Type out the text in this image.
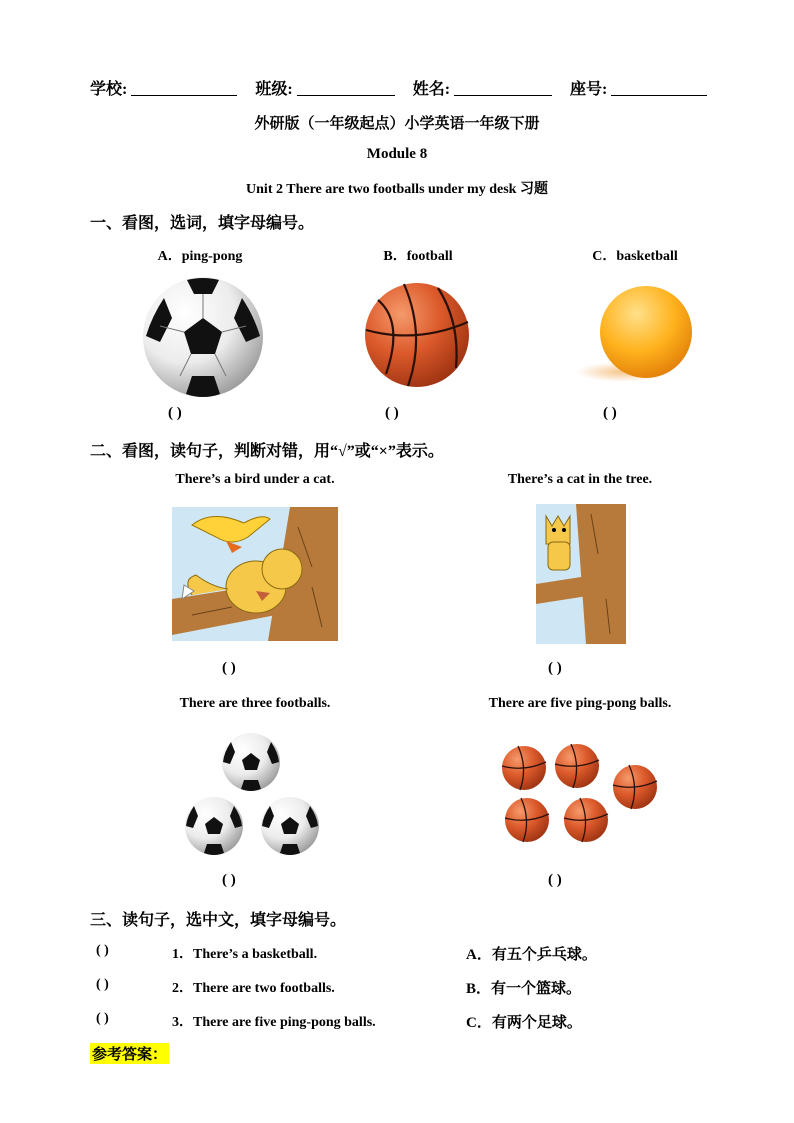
学校:	班级:	姓名:	座号:
外研版（一年级起点）小学英语一年级下册
Module 8
Unit 2 There are two footballs under my desk 习题
一、看图，选词，填字母编号。
A．ping-pong	B．football	C．basketball
( )	( )	( )
二、看图，读句子，判断对错，用“√”或“×”表示。
There’s a bird under a cat.	There’s a cat in the tree.
( )	( )
There are three footballs.	There are five ping-pong balls.
( )	( )
三、读句子，选中文，填字母编号。
( )	1．There’s a basketball.	A．有五个乒乓球。
( )	2．There are two footballs.	B．有一个篮球。
( )	3．There are five ping-pong balls.	C．有两个足球。
参考答案：
